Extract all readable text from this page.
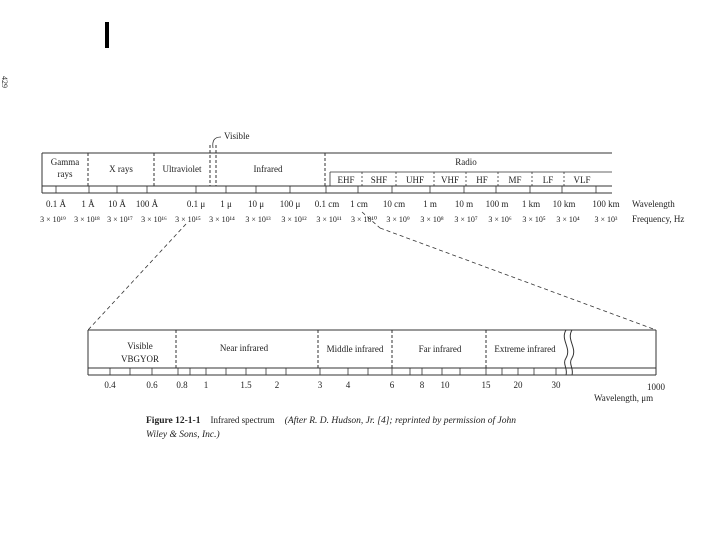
429
Gamma
rays	X rays	Ultraviolet	Infrared
Radio
Visible
EHF SHF UHF VHF HF MF LF VLF
0.1 Å 1 Å 10 Å 100 Å	0.1 μ 1 μ 10 μ 100 μ 0.1 cm 1 cm 10 cm 1 m 10 m 100 m 1 km 10 km 100 km Wavelength
3 × 10¹⁹ 3 × 10¹⁸ 3 × 10¹⁷ 3 × 10¹⁶ 3 × 10¹⁵ 3 × 10¹⁴ 3 × 10¹³ 3 × 10¹² 3 × 10¹¹ 3 × 10¹⁰ 3 × 10⁹ 3 × 10⁸ 3 × 10⁷ 3 × 10⁶ 3 × 10⁵ 3 × 10⁴ 3 × 10³ Frequency, Hz
Visible
VBGYOR
Near infrared	Middle infrared	Far infrared	Extreme infrared
0.4	0.6 0.8 1	1.5	2	3	4	6	8 10	15	20	30	1000
Wavelength, μm
Figure 12-1-1 Infrared spectrum (After R. D. Hudson, Jr. [4]; reprinted by permission of John
Wiley & Sons, Inc.)
